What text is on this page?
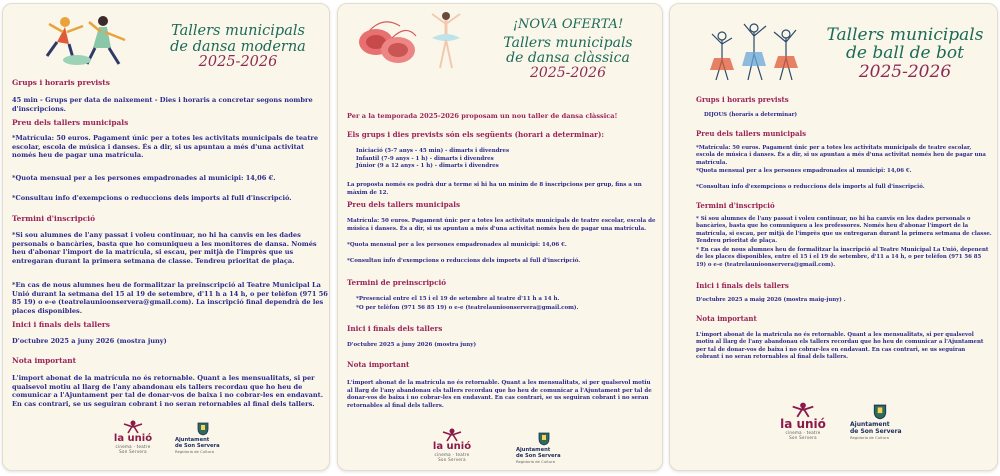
Tallers municipals
de dansa moderna
2025-2026
Grups i horaris prevists
45 min - Grups per data de naixement - Dies i horaris a concretar segons nombre d'inscripcions.
Preu dels tallers municipals
*Matrícula: 50 euros. Pagament únic per a totes les activitats municipals de teatre escolar, escola de música i danses. És a dir, si us apuntau a més d'una activitat només heu de pagar una matrícula.
*Quota mensual per a les persones empadronades al municipi: 14,06 €.
*Consultau info d'exempcions o reduccions dels imports al full d'inscripció.
Termini d'inscripció
*Si sou alumnes de l'any passat i voleu continuar, no hi ha canvis en les dades personals o bancàries, basta que ho comuniqueu a les monitores de dansa. Només heu d'abonar l'import de la matrícula, si escau, per mitjà de l'imprès que us entregaran durant la primera setmana de classe. Tendreu prioritat de plaça.
*En cas de nous alumnes heu de formalitzar la preinscripció al Teatre Municipal La Unió durant la setmana del 15 al 19 de setembre, d'11 h a 14 h, o per telèfon (971 56 85 19) o e-e (teatrelaunioonservera@gmail.com). La inscripció final dependrà de les places disponibles.
Inici i finals dels tallers
D'octubre 2025 a juny 2026 (mostra juny)
Nota important
L'import abonat de la matrícula no és retornable. Quant a les mensualitats, si per qualsevol motiu al llarg de l'any abandonau els tallers recordau que ho heu de comunicar a l'Ajuntament per tal de donar-vos de baixa i no cobrar-les en endavant. En cas contrari, se us seguiran cobrant i no seran retornables al final dels tallers.
la unió
cinema · teatre
Son Servera
Ajuntament
de Son Servera
Regidoria de Cultura
¡NOVA OFERTA!
Tallers municipals
de dansa clàssica
2025-2026
Per a la temporada 2025-2026 proposam un nou taller de dansa clàssica!
Els grups i dies prevists són els següents (horari a determinar):
Iniciació (5-7 anys - 45 min) - dimarts i divendres
Infantil (7-9 anys - 1 h) - dimarts i divendres
Júnior (9 a 12 anys - 1 h) - dimarts i divendres
La proposta només es podrà dur a terme si hi ha un mínim de 8 inscripcions per grup, fins a un màxim de 12.
Preu dels tallers municipals
Matrícula: 50 euros. Pagament únic per a totes les activitats municipals de teatre escolar, escola de música i danses. És a dir, si us apuntau a més d'una activitat només heu de pagar una matrícula.
*Quota mensual per a les persones empadronades al municipi: 14,06 €.
*Consultau info d'exempcions o reduccions dels imports al full d'inscripció.
Termini de preinscripció
*Presencial entre el 15 i el 19 de setembre al teatre d'11 h a 14 h.
*O per telèfon (971 56 85 19) o e-e (teatrelaunioonservera@gmail.com).
Inici i finals dels tallers
D'octubre 2025 a juny 2026 (mostra juny)
Nota important
L'import abonat de la matrícula no és retornable. Quant a les mensualitats, si per qualsevol motiu al llarg de l'any abandonau els tallers recordau que ho heu de comunicar a l'Ajuntament per tal de donar-vos de baixa i no cobrar-les en endavant. En cas contrari, se us seguiran cobrant i no seran retornables al final dels tallers.
la unió
cinema · teatre
Son Servera
Ajuntament
de Son Servera
Regidoria de Cultura
Tallers municipals
de ball de bot
2025-2026
Grups i horaris prevists
DIJOUS (horaris a determinar)
Preu dels tallers municipals
*Matrícula: 50 euros. Pagament únic per a totes les activitats municipals de teatre escolar, escola de música i danses. És a dir, si us apuntau a més d'una activitat només heu de pagar una matrícula.
*Quota mensual per a les persones empadronades al municipi: 14,06 €.
*Consultau info d'exempcions o reduccions dels imports al full d'inscripció.
Termini d'inscripció
* Si sou alumnes de l'any passat i voleu continuar, no hi ha canvis en les dades personals o bancàries, basta que ho comuniqueu a les professores. Només heu d'abonar l'import de la matrícula, si escau, per mitjà de l'imprès que us entregaran durant la primera setmana de classe. Tendreu prioritat de plaça.
* En cas de nous alumnes heu de formalitzar la inscripció al Teatre Municipal La Unió, depenent de les places disponibles, entre el 15 i el 19 de setembre, d'11 a 14 h, o per telèfon (971 56 85 19) o e-e (teatrelaunioonservera@gmail.com).
Inici i finals dels tallers
D'octubre 2025 a maig 2026 (mostra maig-juny) .
Nota important
L'import abonat de la matrícula no és retornable. Quant a les mensualitats, si per qualsevol motiu al llarg de l'any abandonau els tallers recordau que ho heu de comunicar a l'Ajuntament per tal de donar-vos de baixa i no cobrar-les en endavant. En cas contrari, se us seguiran cobrant i no seran retornables al final dels tallers.
la unió
cinema · teatre
Son Servera
Ajuntament
de Son Servera
Regidoria de Cultura
